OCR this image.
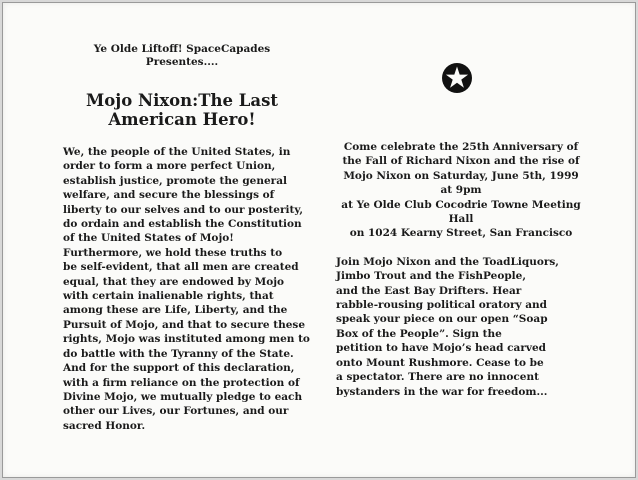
Ye Olde Liftoff! SpaceCapades
Presentes....
Mojo Nixon:The Last
American Hero!

We, the people of the United States, in
order to form a more perfect Union,
establish justice, promote the general
welfare, and secure the blessings of
liberty to our selves and to our posterity,
do ordain and establish the Constitution
of the United States of Mojo!
Furthermore, we hold these truths to
be self-evident, that all men are created
equal, that they are endowed by Mojo
with certain inalienable rights, that
among these are Life, Liberty, and the
Pursuit of Mojo, and that to secure these
rights, Mojo was instituted among men to
do battle with the Tyranny of the State.
And for the support of this declaration,
with a firm reliance on the protection of
Divine Mojo, we mutually pledge to each
other our Lives, our Fortunes, and our
sacred Honor.

Come celebrate the 25th Anniversary of
the Fall of Richard Nixon and the rise of
Mojo Nixon on Saturday, June 5th, 1999
at 9pm
at Ye Olde Club Cocodrie Towne Meeting
Hall
on 1024 Kearny Street, San Francisco

Join Mojo Nixon and the ToadLiquors,
Jimbo Trout and the FishPeople,
and the East Bay Drifters. Hear
rabble-rousing political oratory and
speak your piece on our open “Soap
Box of the People”. Sign the
petition to have Mojo’s head carved
onto Mount Rushmore. Cease to be
a spectator. There are no innocent
bystanders in the war for freedom...
